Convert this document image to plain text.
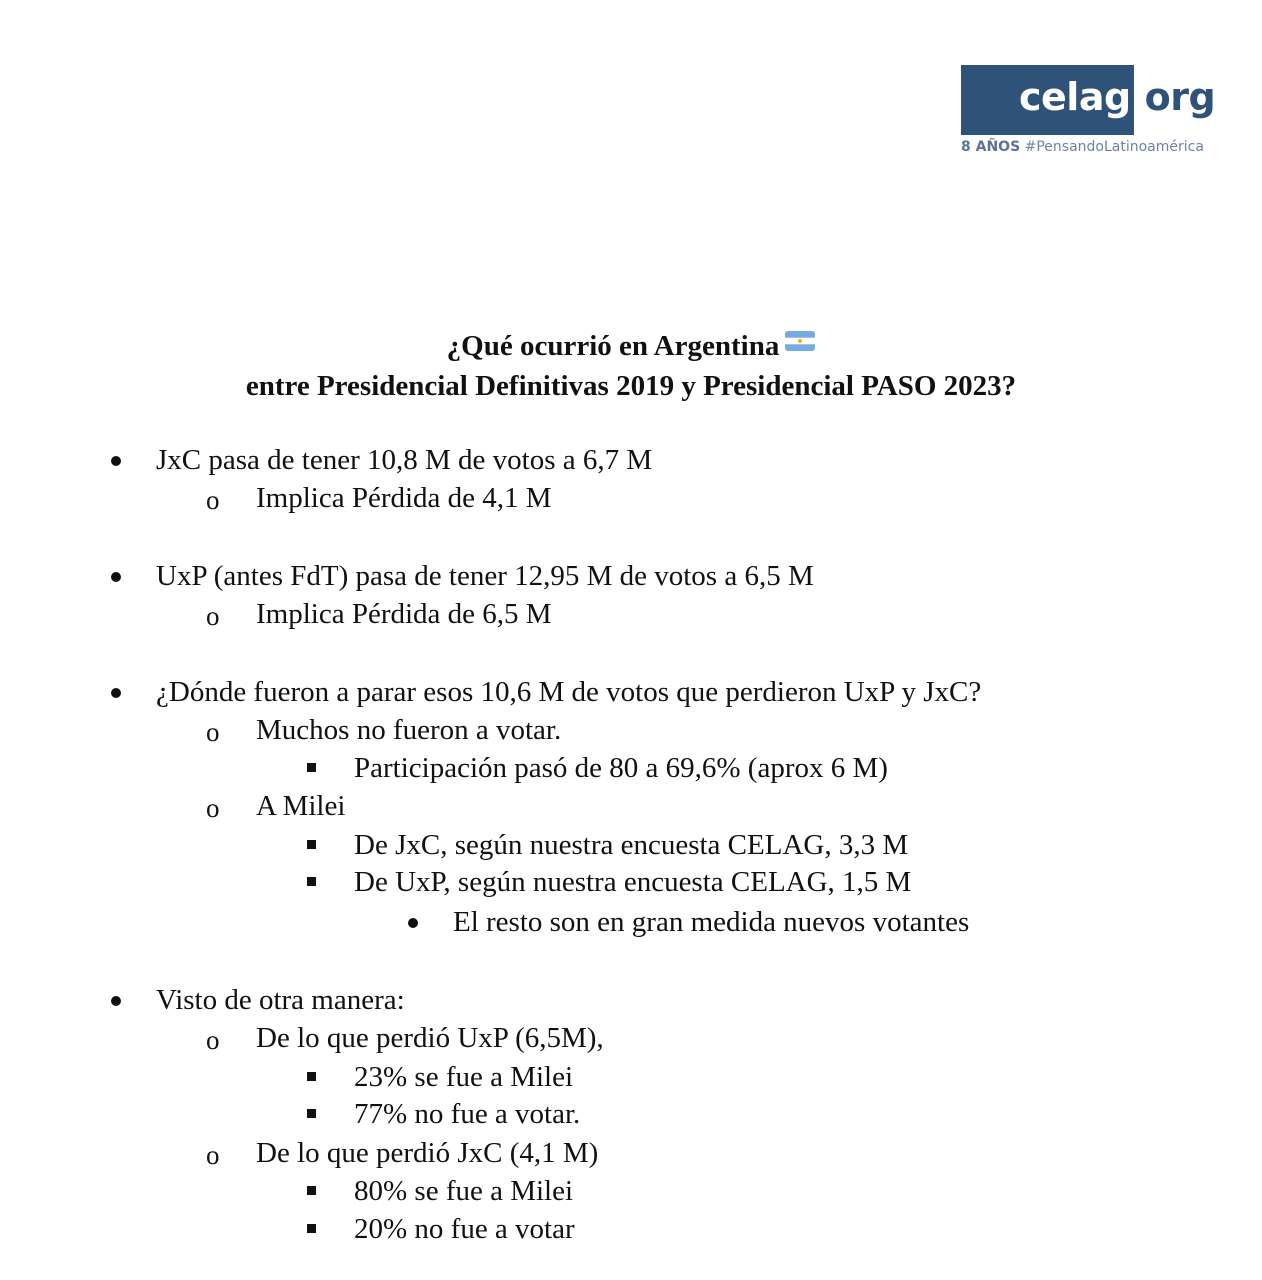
celag.org
8 AÑOS #PensandoLatinoamérica
¿Qué ocurrió en Argentina
entre Presidencial Definitivas 2019 y Presidencial PASO 2023?
JxC pasa de tener 10,8 M de votos a 6,7 M
o Implica Pérdida de 4,1 M
UxP (antes FdT) pasa de tener 12,95 M de votos a 6,5 M
o Implica Pérdida de 6,5 M
¿Dónde fueron a parar esos 10,6 M de votos que perdieron UxP y JxC?
o Muchos no fueron a votar.
Participación pasó de 80 a 69,6% (aprox 6 M)
o A Milei
De JxC, según nuestra encuesta CELAG, 3,3 M
De UxP, según nuestra encuesta CELAG, 1,5 M
El resto son en gran medida nuevos votantes
Visto de otra manera:
o De lo que perdió UxP (6,5M),
23% se fue a Milei
77% no fue a votar.
o De lo que perdió JxC (4,1 M)
80% se fue a Milei
20% no fue a votar
